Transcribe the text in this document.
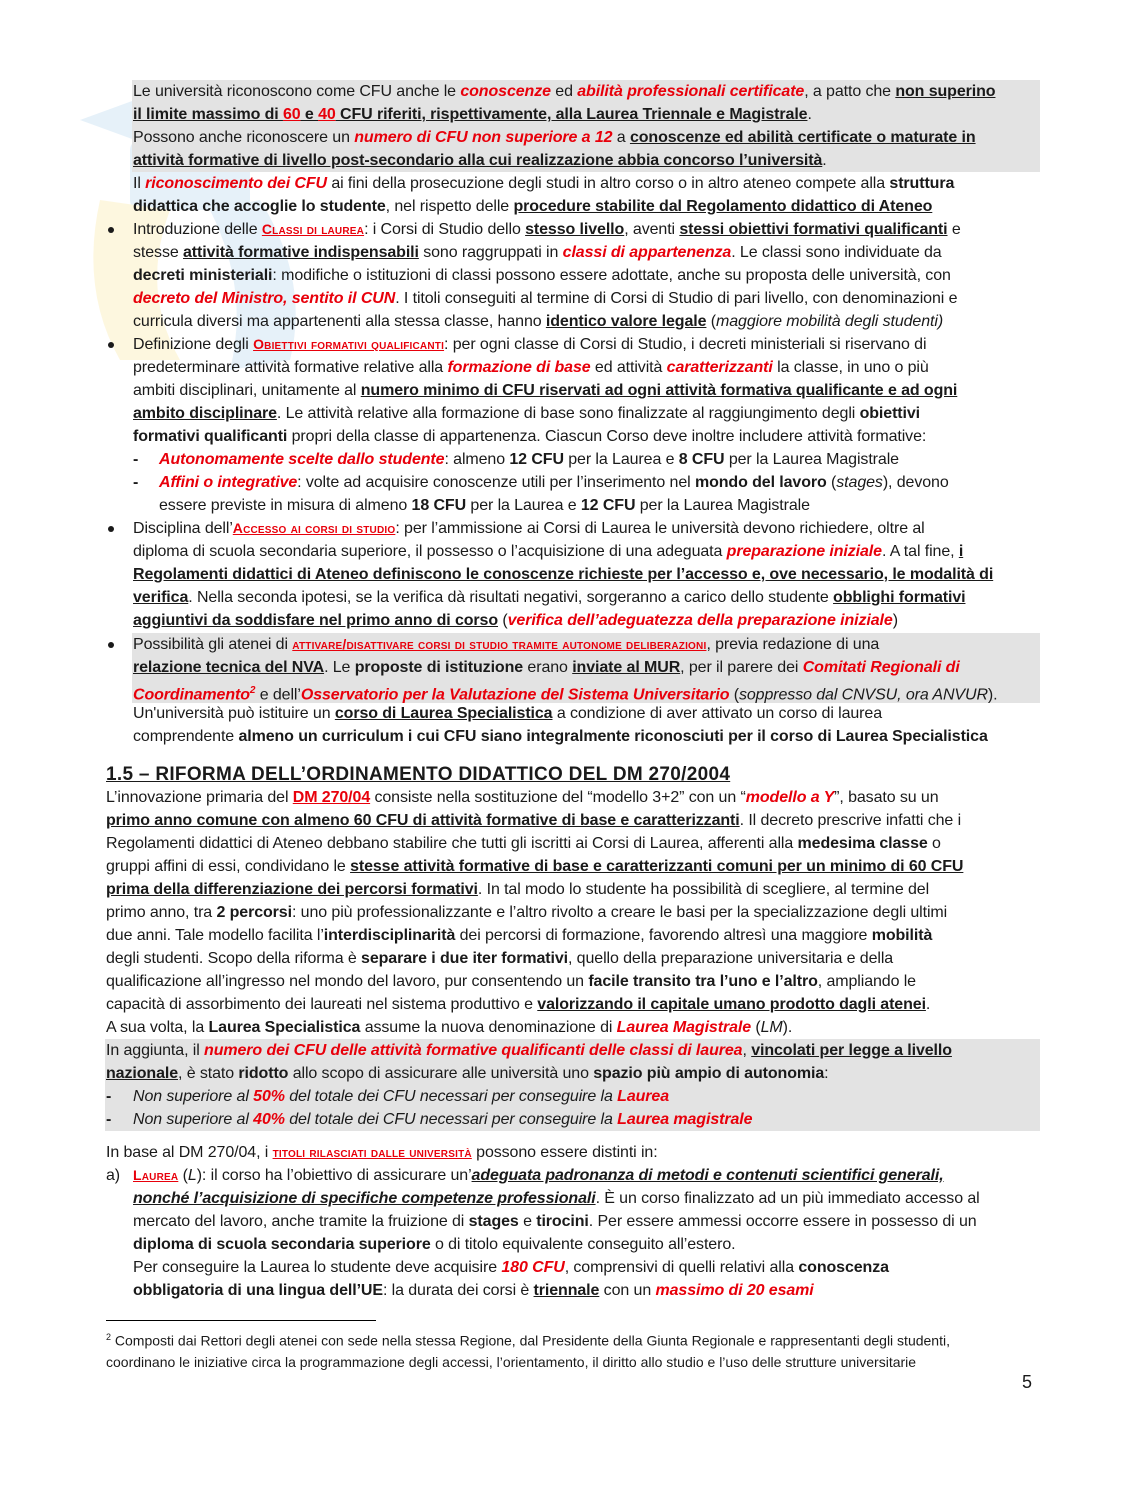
Le università riconoscono come CFU anche le conoscenze ed abilità professionali certificate, a patto che non superino
il limite massimo di 60 e 40 CFU riferiti, rispettivamente, alla Laurea Triennale e Magistrale.
Possono anche riconoscere un numero di CFU non superiore a 12 a conoscenze ed abilità certificate o maturate in
attività formative di livello post-secondario alla cui realizzazione abbia concorso l’università.
Il riconoscimento dei CFU ai fini della prosecuzione degli studi in altro corso o in altro ateneo compete alla struttura
didattica che accoglie lo studente, nel rispetto delle procedure stabilite dal Regolamento didattico di Ateneo
Introduzione delle Classi di laurea: i Corsi di Studio dello stesso livello, aventi stessi obiettivi formativi qualificanti e
stesse attività formative indispensabili sono raggruppati in classi di appartenenza. Le classi sono individuate da
decreti ministeriali: modifiche o istituzioni di classi possono essere adottate, anche su proposta delle università, con
decreto del Ministro, sentito il CUN. I titoli conseguiti al termine di Corsi di Studio di pari livello, con denominazioni e
curricula diversi ma appartenenti alla stessa classe, hanno identico valore legale (maggiore mobilità degli studenti)
Definizione degli Obiettivi formativi qualificanti: per ogni classe di Corsi di Studio, i decreti ministeriali si riservano di
predeterminare attività formative relative alla formazione di base ed attività caratterizzanti la classe, in uno o più
ambiti disciplinari, unitamente al numero minimo di CFU riservati ad ogni attività formativa qualificante e ad ogni
ambito disciplinare. Le attività relative alla formazione di base sono finalizzate al raggiungimento degli obiettivi
formativi qualificanti propri della classe di appartenenza. Ciascun Corso deve inoltre includere attività formative:
- Autonomamente scelte dallo studente: almeno 12 CFU per la Laurea e 8 CFU per la Laurea Magistrale
- Affini o integrative: volte ad acquisire conoscenze utili per l’inserimento nel mondo del lavoro (stages), devono
essere previste in misura di almeno 18 CFU per la Laurea e 12 CFU per la Laurea Magistrale
Disciplina dell’Accesso ai corsi di studio: per l’ammissione ai Corsi di Laurea le università devono richiedere, oltre al
diploma di scuola secondaria superiore, il possesso o l’acquisizione di una adeguata preparazione iniziale. A tal fine, i
Regolamenti didattici di Ateneo definiscono le conoscenze richieste per l’accesso e, ove necessario, le modalità di
verifica. Nella seconda ipotesi, se la verifica dà risultati negativi, sorgeranno a carico dello studente obblighi formativi
aggiuntivi da soddisfare nel primo anno di corso (verifica dell’adeguatezza della preparazione iniziale)
Possibilità gli atenei di attivare/disattivare corsi di studio tramite autonome deliberazioni, previa redazione di una
relazione tecnica del NVA. Le proposte di istituzione erano inviate al MUR, per il parere dei Comitati Regionali di
Coordinamento$^2$ e dell’Osservatorio per la Valutazione del Sistema Universitario (soppresso dal CNVSU, ora ANVUR).
Un'università può istituire un corso di Laurea Specialistica a condizione di aver attivato un corso di laurea
comprendente almeno un curriculum i cui CFU siano integralmente riconosciuti per il corso di Laurea Specialistica
1.5 – RIFORMA DELL’ORDINAMENTO DIDATTICO DEL DM 270/2004
L’innovazione primaria del DM 270/04 consiste nella sostituzione del “modello 3+2” con un “modello a Y”, basato su un
primo anno comune con almeno 60 CFU di attività formative di base e caratterizzanti. Il decreto prescrive infatti che i
Regolamenti didattici di Ateneo debbano stabilire che tutti gli iscritti ai Corsi di Laurea, afferenti alla medesima classe o
gruppi affini di essi, condividano le stesse attività formative di base e caratterizzanti comuni per un minimo di 60 CFU
prima della differenziazione dei percorsi formativi. In tal modo lo studente ha possibilità di scegliere, al termine del
primo anno, tra 2 percorsi: uno più professionalizzante e l’altro rivolto a creare le basi per la specializzazione degli ultimi
due anni. Tale modello facilita l’interdisciplinarità dei percorsi di formazione, favorendo altresì una maggiore mobilità
degli studenti. Scopo della riforma è separare i due iter formativi, quello della preparazione universitaria e della
qualificazione all’ingresso nel mondo del lavoro, pur consentendo un facile transito tra l’uno e l’altro, ampliando le
capacità di assorbimento dei laureati nel sistema produttivo e valorizzando il capitale umano prodotto dagli atenei.
A sua volta, la Laurea Specialistica assume la nuova denominazione di Laurea Magistrale (LM).
In aggiunta, il numero dei CFU delle attività formative qualificanti delle classi di laurea, vincolati per legge a livello
nazionale, è stato ridotto allo scopo di assicurare alle università uno spazio più ampio di autonomia:
- Non superiore al 50% del totale dei CFU necessari per conseguire la Laurea
- Non superiore al 40% del totale dei CFU necessari per conseguire la Laurea magistrale
In base al DM 270/04, i titoli rilasciati dalle università possono essere distinti in:
a) Laurea (L): il corso ha l’obiettivo di assicurare un’adeguata padronanza di metodi e contenuti scientifici generali,
nonché l’acquisizione di specifiche competenze professionali. È un corso finalizzato ad un più immediato accesso al
mercato del lavoro, anche tramite la fruizione di stages e tirocini. Per essere ammessi occorre essere in possesso di un
diploma di scuola secondaria superiore o di titolo equivalente conseguito all’estero.
Per conseguire la Laurea lo studente deve acquisire 180 CFU, comprensivi di quelli relativi alla conoscenza
obbligatoria di una lingua dell’UE: la durata dei corsi è triennale con un massimo di 20 esami
$^2$ Composti dai Rettori degli atenei con sede nella stessa Regione, dal Presidente della Giunta Regionale e rappresentanti degli studenti,
coordinano le iniziative circa la programmazione degli accessi, l’orientamento, il diritto allo studio e l’uso delle strutture universitarie
5
